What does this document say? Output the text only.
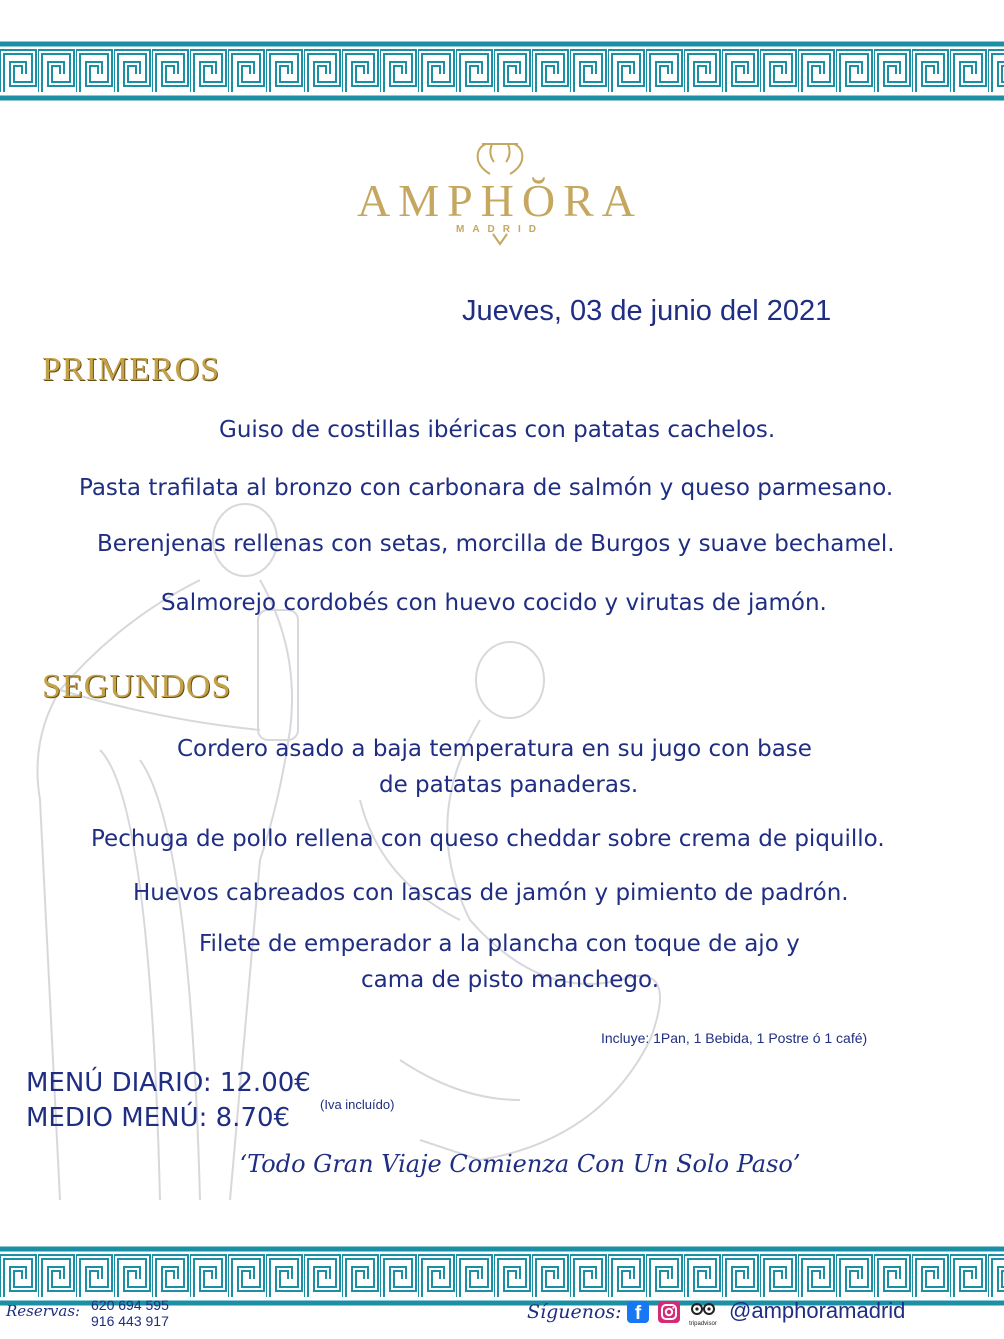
AMPHŎRA
MADRID
Jueves, 03 de junio del 2021
PRIMEROS
Guiso de costillas ibéricas con patatas cachelos.
Pasta trafilata al bronzo con carbonara de salmón y queso parmesano.
Berenjenas rellenas con setas, morcilla de Burgos y suave bechamel.
Salmorejo cordobés con huevo cocido y virutas de jamón.
SEGUNDOS
Cordero asado a baja temperatura en su jugo con base
de patatas panaderas.
Pechuga de pollo rellena con queso cheddar sobre crema de piquillo.
Huevos cabreados con lascas de jamón y pimiento de padrón.
Filete de emperador a la plancha con toque de ajo y
cama de pisto manchego.
Incluye: 1Pan, 1 Bebida, 1 Postre ó 1 café)
MENÚ DIARIO: 12.00€
MEDIO MENÚ: 8.70€ (Iva incluído)
‘Todo Gran Viaje Comienza Con Un Solo Paso’
Reservas: 620 694 595
916 443 917	Síguenos: f	tripadvisor
@amphoramadrid
